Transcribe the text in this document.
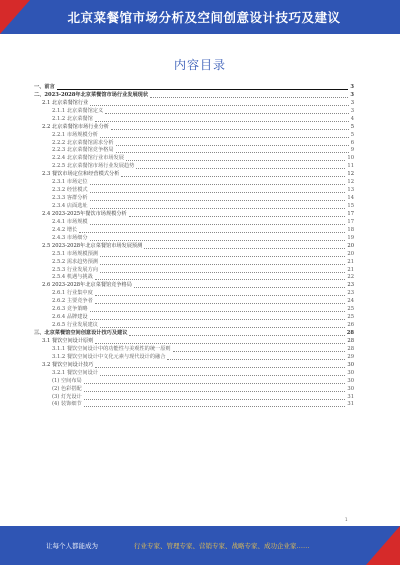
北京菜餐馆市场分析及空间创意设计技巧及建议
内容目录
一、前言	3
二、2023-2028年北京菜餐馆市场行业发展现状	3
2.1 北京菜餐馆行业	3
2.1.1 北京菜餐馆定义	3
2.1.2 北京菜餐馆	4
2.2 北京菜餐馆市场行业分析	5
2.2.1 市场规模分析	5
2.2.2 北京菜餐馆需求分析	6
2.2.3 北京菜餐馆竞争格局	9
2.2.4 北京菜餐馆行业市场发展	10
2.2.5 北京菜餐馆市场行业发展趋势	11
2.3 餐饮市场定位和经营模式分析	12
2.3.1 市场定位	12
2.3.2 经营模式	13
2.3.3 客群分析	14
2.3.4 店面选址	15
2.4 2023-2025年餐饮市场规模分析	17
2.4.1 市场规模	17
2.4.2 增长	18
2.4.3 市场细分	19
2.5 2023-2028年北京菜餐馆市场发展预测	20
2.5.1 市场规模预测	20
2.5.2 需求趋势预测	21
2.5.3 行业发展方向	21
2.5.4 机遇与挑战	22
2.6 2023-2028年北京菜餐馆竞争格局	23
2.6.1 行业集中度	23
2.6.2 主要竞争者	24
2.6.3 竞争策略	25
2.6.4 品牌建设	25
2.6.5 行业发展建议	26
三、北京菜餐馆空间创意设计技巧及建议	28
3.1 餐饮空间设计原则	28
3.1.1 餐饮空间设计中的功能性与美观性的统一原则	28
3.1.2 餐饮空间设计中文化元素与现代设计的融合	29
3.2 餐饮空间设计技巧	30
3.2.1 餐饮空间设计	30
(1) 空间布局	30
(2) 色彩搭配	30
(3) 灯光设计	31
(4) 装饰细节	31
1
让每个人都能成为	行业专家、管理专家、营销专家、战略专家、成功企业家……
